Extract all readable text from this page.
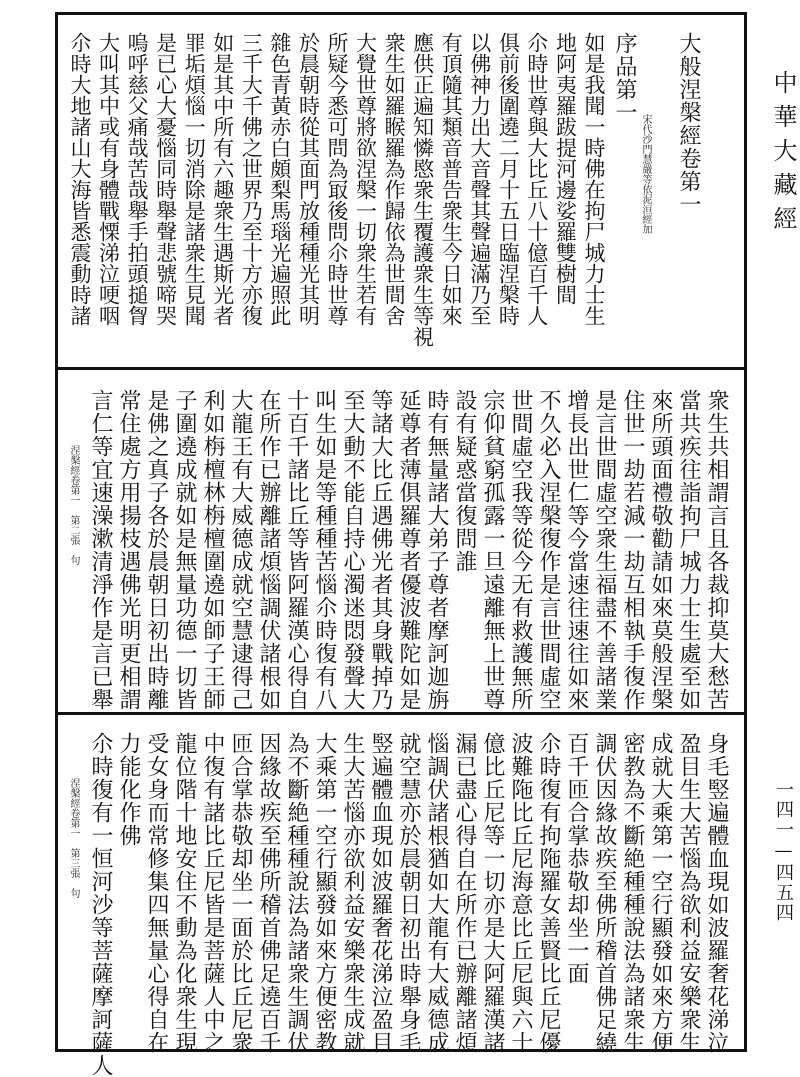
中華大藏經
一四一—四五四
大般涅槃經卷第一
宋代沙門慧嚴等依泥洹經加
序品第一
如是我聞一時佛在拘尸城力士生
地阿夷羅跋提河邊娑羅雙樹間
尒時世尊與大比丘八十億百千人
俱前後圍遶二月十五日臨涅槃時
以佛神力出大音聲其聲遍滿乃至
有頂隨其類音普告衆生今日如來
應供正遍知憐愍衆生覆護衆生等視
衆生如羅睺羅為作歸依為世間舍
大覺世尊將欲涅槃一切衆生若有
所疑今悉可問為冣後問尒時世尊
於晨朝時從其面門放種種光其明
雜色青黃赤白頗梨馬瑙光遍照此
三千大千佛之世界乃至十方亦復
如是其中所有六趣衆生遇斯光者
罪垢煩惱一切消除是諸衆生見聞
是已心大憂惱同時舉聲悲號啼哭
嗚呼慈父痛哉苦哉舉手拍頭搥胷
大叫其中或有身體戰慄涕泣哽咽
尒時大地諸山大海皆悉震動時諸
衆生共相謂言且各裁抑莫大愁苦
當共疾往詣拘尸城力士生處至如
來所頭面禮敬勸請如來莫般涅槃
住世一劫若減一劫互相執手復作
是言世間虛空衆生福盡不善諸業
增長出世仁等今當速往速往如來
不久必入涅槃復作是言世間虛空
世間虛空我等從今无有救護無所
宗仰貧窮孤露一旦遠離無上世尊
設有疑惑當復問誰
時有無量諸大弟子尊者摩訶迦旃
延尊者薄俱羅尊者優波難陀如是
等諸大比丘遇佛光者其身戰掉乃
至大動不能自持心濁迷悶發聲大
叫生如是等種種苦惱尒時復有八
十百千諸比丘等皆阿羅漢心得自
在所作已辦離諸煩惱調伏諸根如
大龍王有大威德成就空慧逮得己
利如栴檀林栴檀圍遶如師子王師
子圍遶成就如是無量功德一切皆
是佛之真子各於晨朝日初出時離
常住處方用揚枝遇佛光明更相謂
言仁等宜速澡漱清淨作是言已舉
涅槃經卷第一　第二張　句
身毛竪遍體血現如波羅奢花涕泣
盈目生大苦惱為欲利益安樂衆生
成就大乘第一空行顯發如來方便
密教為不斷絶種種說法為諸衆生
調伏因緣故疾至佛所稽首佛足繞
百千匝合掌恭敬却坐一面
尒時復有拘陁羅女善賢比丘尼優
波難陁比丘尼海意比丘尼與六十
億比丘尼等一切亦是大阿羅漢諸
漏已盡心得自在所作已辦離諸煩
惱調伏諸根猶如大龍有大威德成
就空慧亦於晨朝日初出時舉身毛
竪遍體血現如波羅奢花涕泣盈目
生大苦惱亦欲利益安樂衆生成就
大乘第一空行顯發如來方便密教
為不斷絶種種說法為諸衆生調伏
因緣故疾至佛所稽首佛足遶百千
匝合掌恭敬却坐一面於比丘尼衆
中復有諸比丘尼皆是菩薩人中之
龍位階十地安住不動為化衆生現
受女身而常修集四無量心得自在
力能化作佛
尒時復有一恒河沙等菩薩摩訶薩人
涅槃經卷第一　第三張　句
